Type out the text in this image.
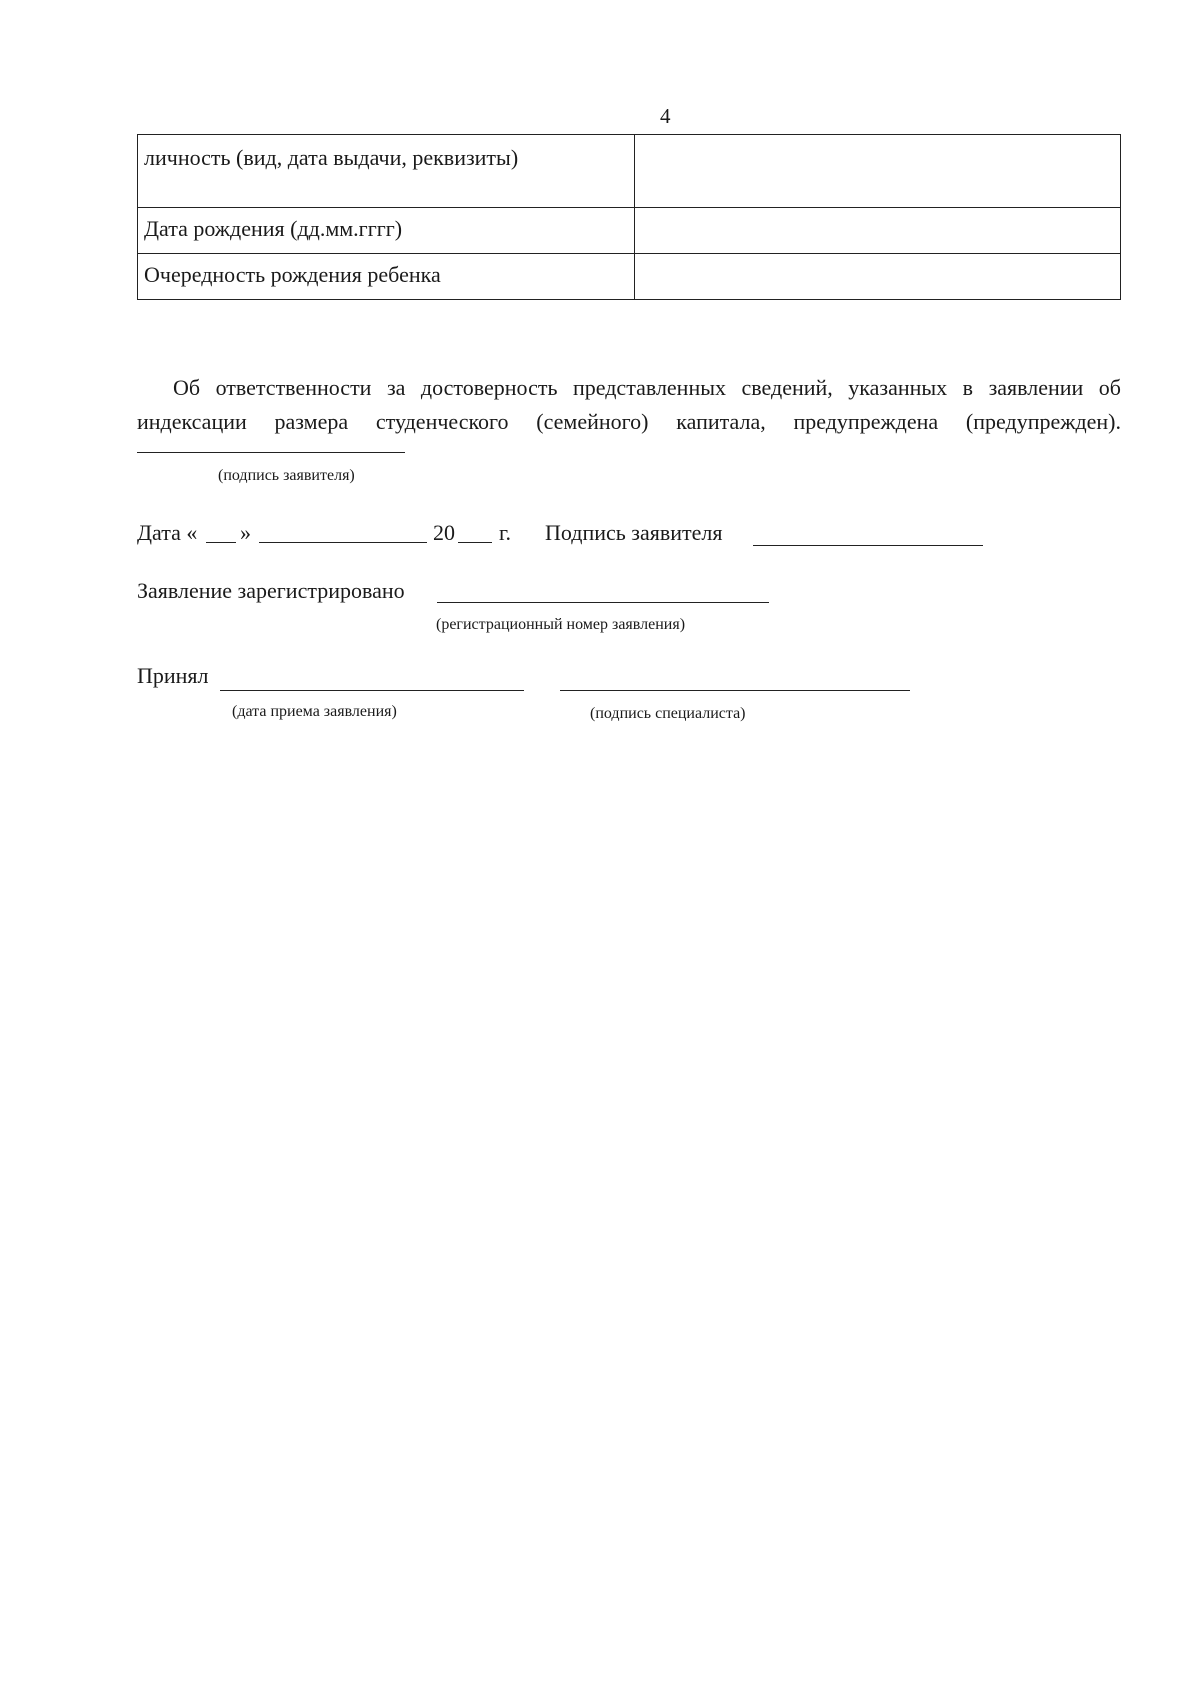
4
личность (вид, дата выдачи, реквизиты)	
Дата рождения (дд.мм.гггг)	
Очередность рождения ребенка	
Об ответственности за достоверность представленных сведений, указанных в заявлении об индексации размера студенческого (семейного) капитала, предупреждена (предупрежден).
(подпись заявителя)
Дата « »	20 г. Подпись заявителя
Заявление зарегистрировано
(регистрационный номер заявления)
Принял
(дата приема заявления)	(подпись специалиста)
